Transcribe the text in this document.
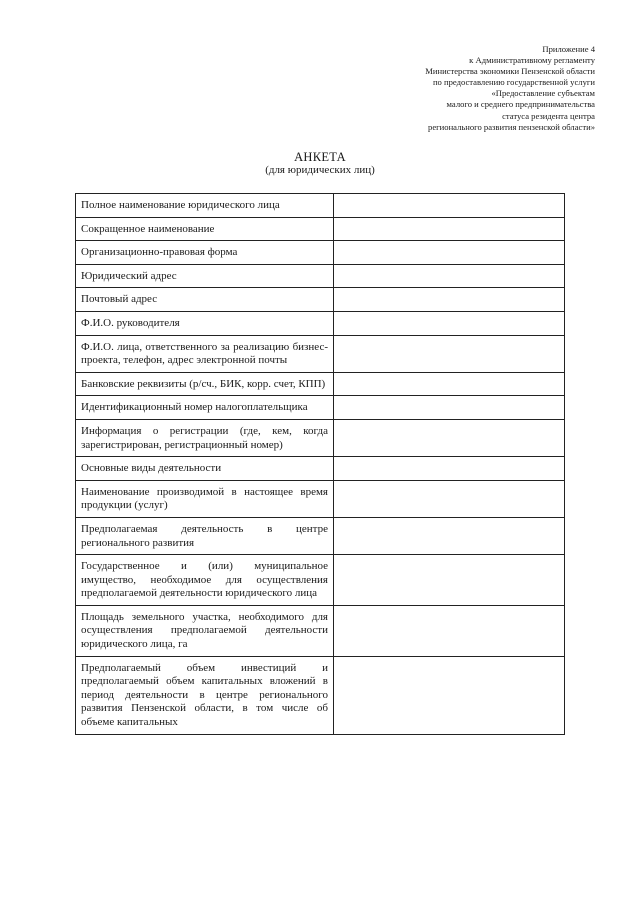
Приложение 4
к Административному регламенту
Министерства экономики Пензенской области
по предоставлению государственной услуги
«Предоставление субъектам
малого и среднего предпринимательства
статуса резидента центра
регионального развития пензенской области»
АНКЕТА
(для юридических лиц)
Полное наименование юридического лица	
Сокращенное наименование	
Организационно-правовая форма	
Юридический адрес	
Почтовый адрес	
Ф.И.О. руководителя	
Ф.И.О. лица, ответственного за реализацию бизнес-проекта, телефон, адрес электронной почты	
Банковские реквизиты (р/сч., БИК, корр. счет, КПП)	
Идентификационный номер налогоплательщика	
Информация о регистрации (где, кем, когда зарегистрирован, регистрационный номер)	
Основные виды деятельности	
Наименование производимой в настоящее время продукции (услуг)	
Предполагаемая деятельность в центре регионального развития	
Государственное и (или) муниципальное имущество, необходимое для осуществления предполагаемой деятельности юридического лица	
Площадь земельного участка, необходимого для осуществления предполагаемой деятельности юридического лица, га	
Предполагаемый объем инвестиций и предполагаемый объем капитальных вложений в период деятельности в центре регионального развития Пензенской области, в том числе об объеме капитальных	
